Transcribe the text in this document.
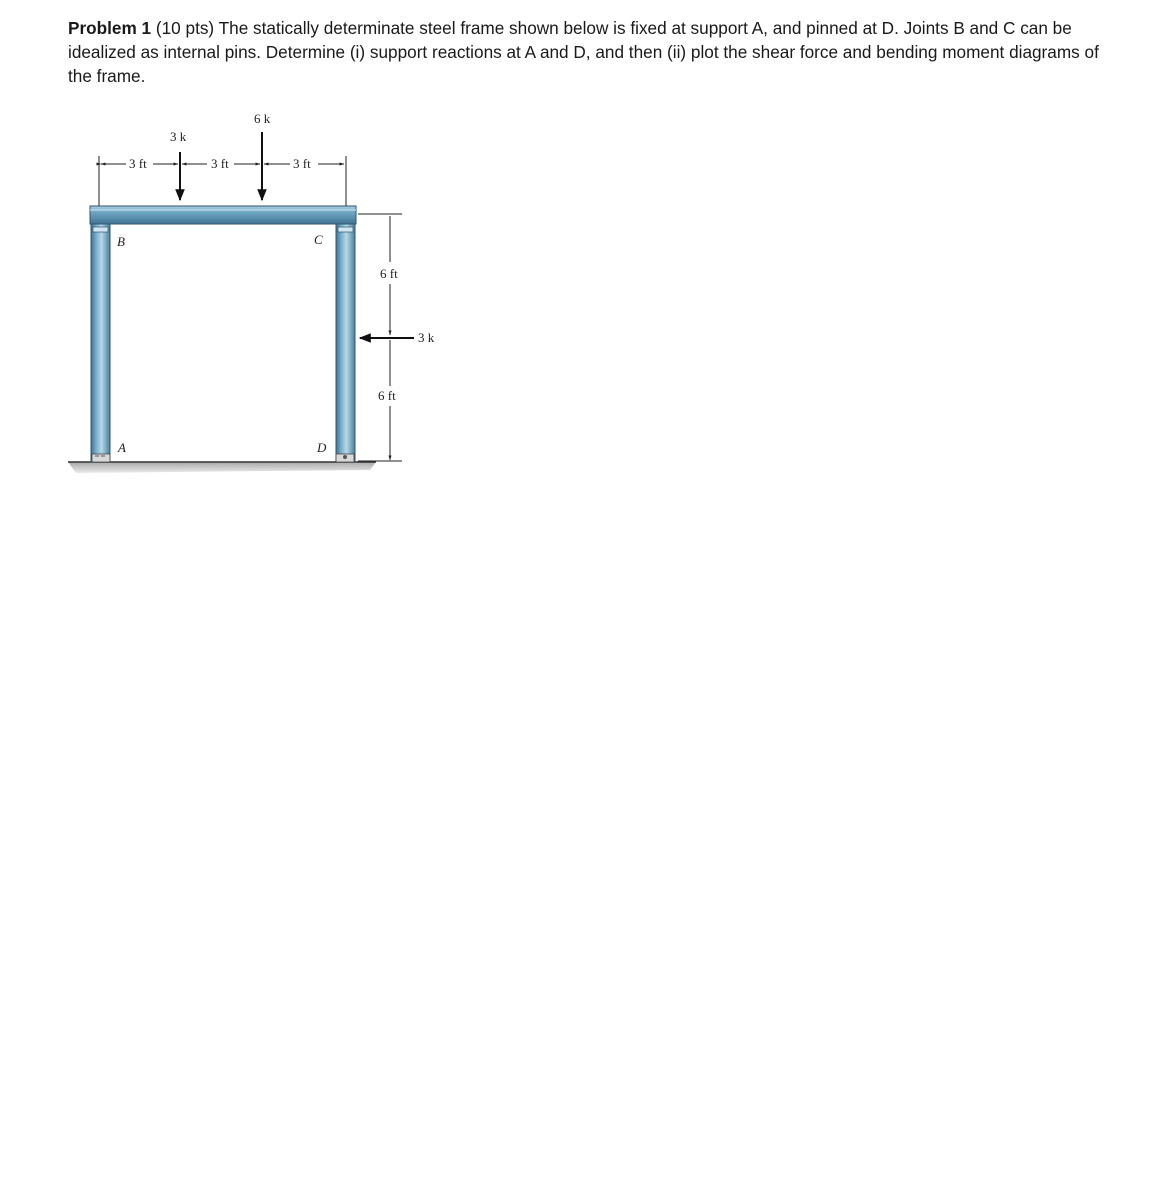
Problem 1 (10 pts) The statically determinate steel frame shown below is fixed at support A, and pinned at D. Joints B and C can be idealized as internal pins. Determine (i) support reactions at A and D, and then (ii) plot the shear force and bending moment diagrams of the frame.

3 ft	3 ft	3 ft
3 k
6 k
6 ft
6 ft
3 k
B	C
A	D
